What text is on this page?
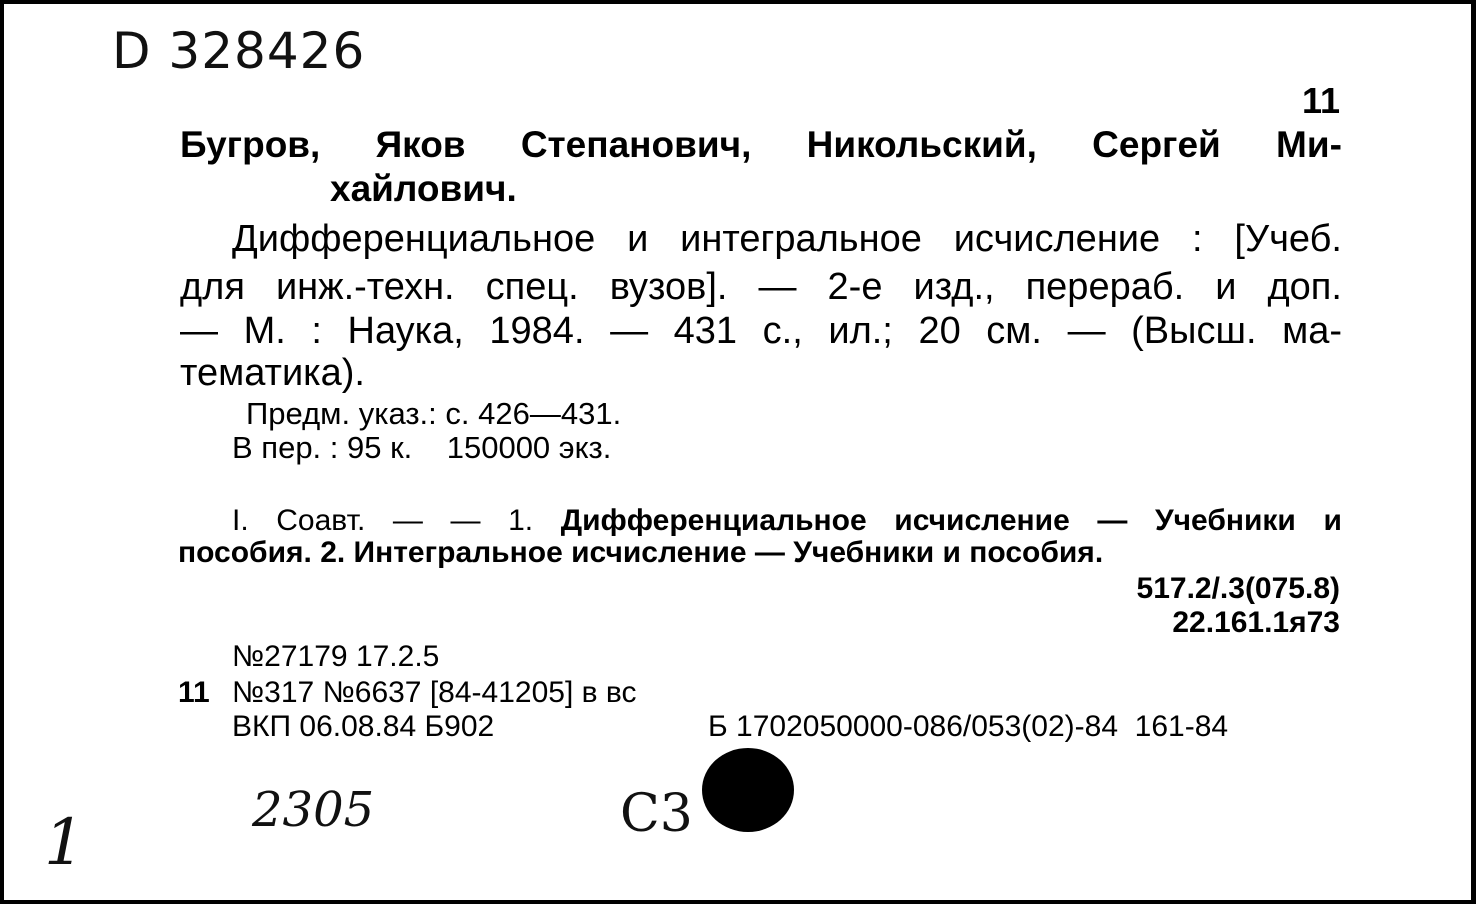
D 328426
11
Бугров, Яков Степанович, Никольский, Сергей Ми-
хайлович.
Дифференциальное и интегральное исчисление : [Учеб.
для инж.-техн. спец. вузов]. — 2-е изд., перераб. и доп.
— М. : Наука, 1984. — 431 с., ил.; 20 см. — (Высш. ма-
тематика).
Предм. указ.: с. 426—431.
В пер. : 95 к.    150000 экз.
I. Соавт. — — 1. Дифференциальное исчисление — Учебники и
пособия. 2. Интегральное исчисление — Учебники и пособия.
517.2/.3(075.8)
22.161.1я73
№27179 17.2.5
11 №317 №6637 [84-41205] в вс
ВКП 06.08.84 Б902	Б 1702050000-086/053(02)-84  161-84
2305	С3
1
